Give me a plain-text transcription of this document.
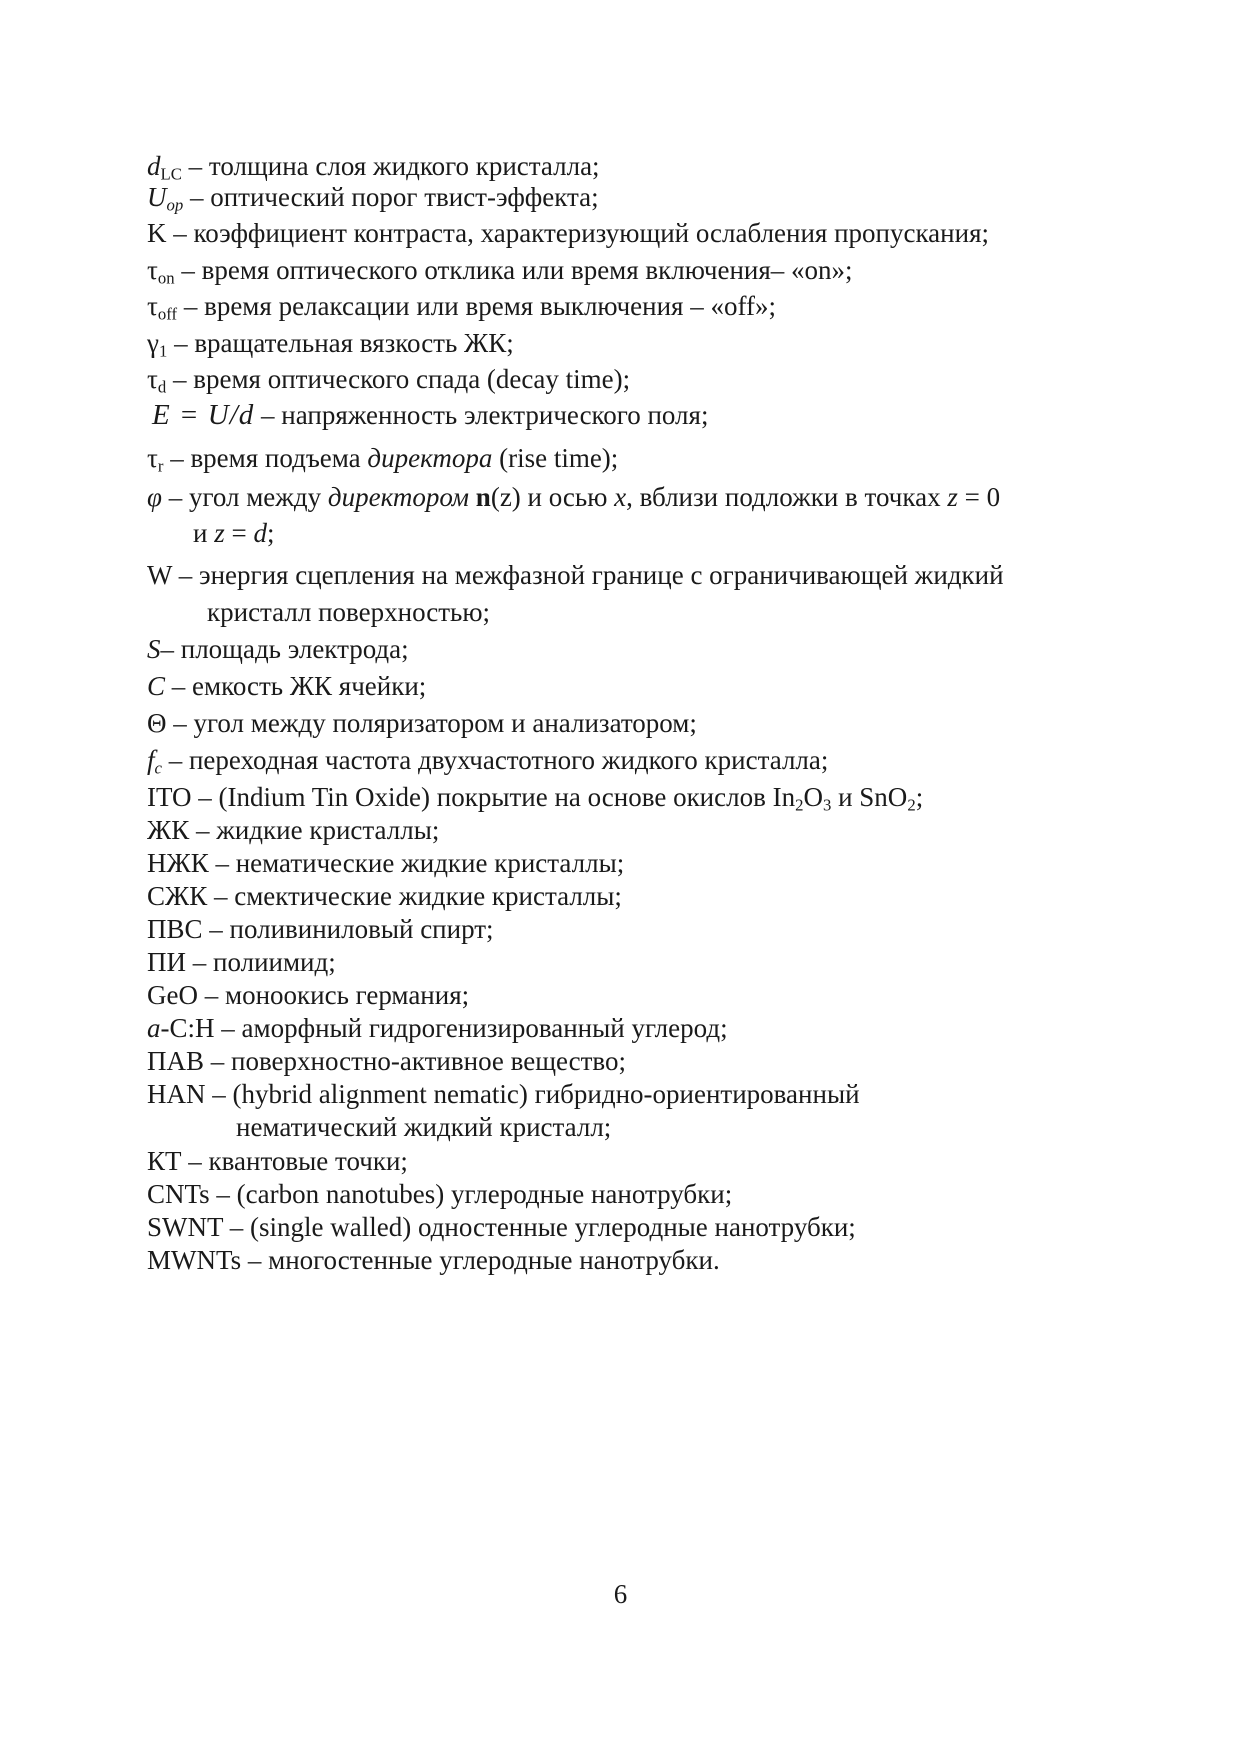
$d_{LC}$ – толщина слоя жидкого кристалла;

$U_{op}$ – оптический порог твист-эффекта;

K – коэффициент контраста, характеризующий ослабления пропускания;

$\tau_{on}$ – время оптического отклика или время включения– «on»;

$\tau_{off}$ – время релаксации или время выключения – «off»;

$\gamma_1$ – вращательная вязкость ЖК;

$\tau_d$ – время оптического спада (decay time);

E = U/d – напряженность электрического поля;

$\tau_r$ – время подъема директора (rise time);

φ – угол между директором n(z) и осью x, вблизи подложки в точках z = 0

и z = d;

W – энергия сцепления на межфазной границе с ограничивающей жидкий

кристалл поверхностью;

S– площадь электрода;

C – емкость ЖК ячейки;

Θ – угол между поляризатором и анализатором;

$f_c$ – переходная частота двухчастотного жидкого кристалла;

ITO – (Indium Tin Oxide) покрытие на основе окислов $In_2O_3$ и SnO$_2$;

ЖК – жидкие кристаллы;

НЖК – нематические жидкие кристаллы;

СЖК – смектические жидкие кристаллы;

ПВС – поливиниловый спирт;

ПИ – полиимид;

GeO – моноокись германия;

a-C:H – аморфный гидрогенизированный углерод;

ПАВ – поверхностно-активное вещество;

HAN – (hybrid alignment nematic) гибридно-ориентированный

нематический жидкий кристалл;

КТ – квантовые точки;

CNTs – (carbon nanotubes) углеродные нанотрубки;

SWNT – (single walled) одностенные углеродные нанотрубки;

MWNTs – многостенные углеродные нанотрубки.

6
